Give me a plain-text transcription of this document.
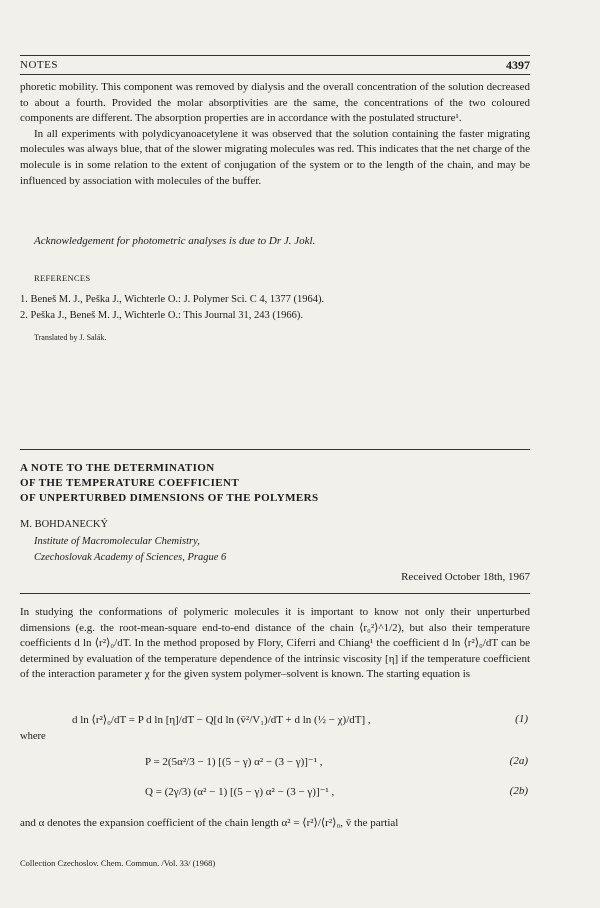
NOTES	4397

phoretic mobility. This component was removed by dialysis and the overall concentration of the solution decreased to about a fourth. Provided the molar absorptivities are the same, the concentrations of the two coloured components are different. The absorption properties are in accordance with the postulated structure¹.

In all experiments with polydicyanoacetylene it was observed that the solution containing the faster migrating molecules was always blue, that of the slower migrating molecules was red. This indicates that the net charge of the molecule is in some relation to the extent of conjugation of the system or to the length of the chain, and may be influenced by association with molecules of the buffer.

Acknowledgement for photometric analyses is due to Dr J. Jokl.
REFERENCES
1. Beneš M. J., Peška J., Wichterle O.: J. Polymer Sci. C 4, 1377 (1964).
2. Peška J., Beneš M. J., Wichterle O.: This Journal 31, 243 (1966).
Translated by J. Salák.
A NOTE TO THE DETERMINATION
OF THE TEMPERATURE COEFFICIENT
OF UNPERTURBED DIMENSIONS OF THE POLYMERS
M. BOHDANECKÝ
Institute of Macromolecular Chemistry,
Czechoslovak Academy of Sciences, Prague 6
Received October 18th, 1967

In studying the conformations of polymeric molecules it is important to know not only their unperturbed dimensions (e.g. the root-mean-square end-to-end distance of the chain ⟨r₀²⟩^1/2), but also their temperature coefficients d ln ⟨r²⟩₀/dT. In the method proposed by Flory, Ciferri and Chiang¹ the coefficient d ln ⟨r²⟩₀/dT can be determined by evaluation of the temperature dependence of the intrinsic viscosity [η] if the temperature coefficient of the interaction parameter χ for the given system polymer–solvent is known. The starting equation is

d ln ⟨r²⟩₀/dT = P d ln [η]/dT − Q[d ln (v̄²/V₁)/dT + d ln (½ − χ)/dT] ,	(1)
where
P = 2(5α²/3 − 1) [(5 − γ) α² − (3 − γ)]⁻¹ ,	(2a)
Q = (2γ/3) (α² − 1) [(5 − γ) α² − (3 − γ)]⁻¹ ,	(2b)

and α denotes the expansion coefficient of the chain length α² = ⟨r²⟩/⟨r²⟩₀, v̄ the partial

Collection Czechoslov. Chem. Commun. /Vol. 33/ (1968)
